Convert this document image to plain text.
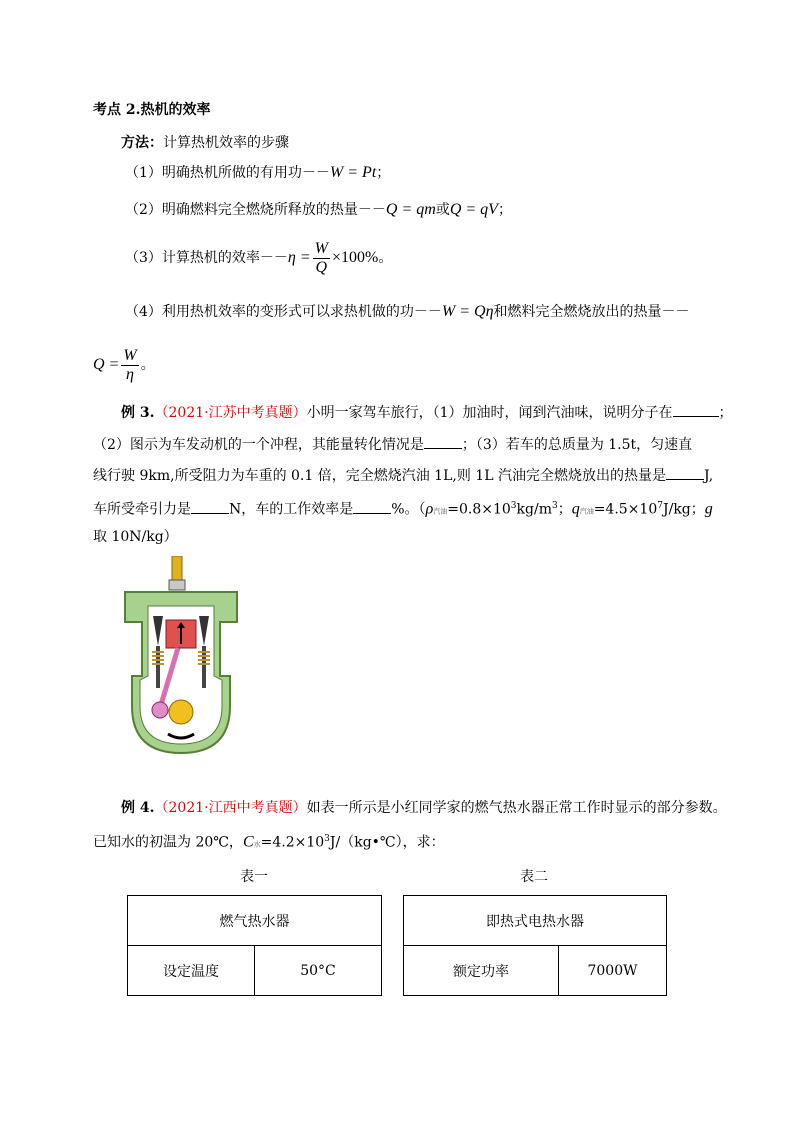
考点 2.热机的效率
方法：计算热机效率的步骤
（1）明确热机所做的有用功－－W = Pt；
（2）明确燃料完全燃烧所释放的热量－－Q = qm或Q = qV；
（3）计算热机的效率$--\eta = \frac{W}{Q} \times 100\%$。
（4）利用热机效率的变形式可以求热机做的功－－W = Qη和燃料完全燃烧放出的热量－－
$Q = \frac{W}{\eta}$ 。
例 3.（2021·江苏中考真题）小明一家驾车旅行，（1）加油时，闻到汽油味，说明分子在	；
（2）图示为车发动机的一个冲程，其能量转化情况是	；（3）若车的总质量为 1.5t，匀速直
线行驶 9km,所受阻力为车重的 0.1 倍，完全燃烧汽油 1L,则 1L 汽油完全燃烧放出的热量是	J,
车所受牵引力是	N，车的工作效率是	%。（ρ汽油$=0.8\times 10^3kg/m^3$；q汽油$=4.5\times 10^7J/kg$；g
取 10N/kg）
例 4.（2021·江西中考真题）如表一所示是小红同学家的燃气热水器正常工作时显示的部分参数。
已知水的初温为 20℃，C水$=4.2\times 10^3J/(kg•℃)$，求：
表一	表二
燃气热水器
设定温度	50°C
即热式电热水器
额定功率	7000W
